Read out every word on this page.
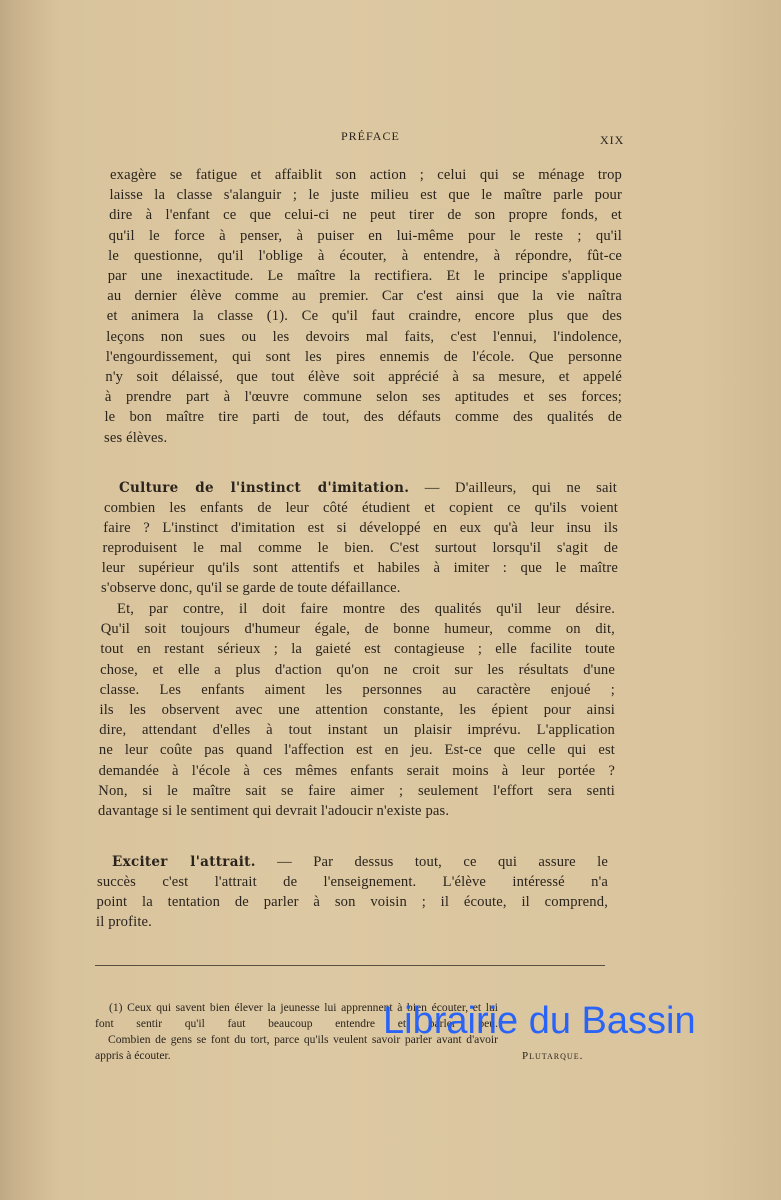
PRÉFACE	XIX
exagère se fatigue et affaiblit son action ; celui qui se ménage trop
laisse la classe s'alanguir ; le juste milieu est que le maître parle pour
dire à l'enfant ce que celui-ci ne peut tirer de son propre fonds, et
qu'il le force à penser, à puiser en lui-même pour le reste ; qu'il
le questionne, qu'il l'oblige à écouter, à entendre, à répondre, fût-ce
par une inexactitude. Le maître la rectifiera. Et le principe s'applique
au dernier élève comme au premier. Car c'est ainsi que la vie naîtra
et animera la classe (1). Ce qu'il faut craindre, encore plus que des
leçons non sues ou les devoirs mal faits, c'est l'ennui, l'indolence,
l'engourdissement, qui sont les pires ennemis de l'école. Que personne
n'y soit délaissé, que tout élève soit apprécié à sa mesure, et appelé
à prendre part à l'œuvre commune selon ses aptitudes et ses forces;
le bon maître tire parti de tout, des défauts comme des qualités de
ses élèves.
Culture de l'instinct d'imitation. — D'ailleurs, qui ne sait
combien les enfants de leur côté étudient et copient ce qu'ils voient
faire ? L'instinct d'imitation est si développé en eux qu'à leur insu ils
reproduisent le mal comme le bien. C'est surtout lorsqu'il s'agit de
leur supérieur qu'ils sont attentifs et habiles à imiter : que le maître
s'observe donc, qu'il se garde de toute défaillance.
Et, par contre, il doit faire montre des qualités qu'il leur désire.
Qu'il soit toujours d'humeur égale, de bonne humeur, comme on dit,
tout en restant sérieux ; la gaieté est contagieuse ; elle facilite toute
chose, et elle a plus d'action qu'on ne croit sur les résultats d'une
classe. Les enfants aiment les personnes au caractère enjoué ;
ils les observent avec une attention constante, les épient pour ainsi
dire, attendant d'elles à tout instant un plaisir imprévu. L'application
ne leur coûte pas quand l'affection est en jeu. Est-ce que celle qui est
demandée à l'école à ces mêmes enfants serait moins à leur portée ?
Non, si le maître sait se faire aimer ; seulement l'effort sera senti
davantage si le sentiment qui devrait l'adoucir n'existe pas.
Exciter l'attrait. — Par dessus tout, ce qui assure le
succès c'est l'attrait de l'enseignement. L'élève intéressé n'a
point la tentation de parler à son voisin ; il écoute, il comprend,
il profite.
(1) Ceux qui savent bien élever la jeunesse lui apprennent à bien écouter, et lui
font sentir qu'il faut beaucoup entendre et parler peu.
Combien de gens se font du tort, parce qu'ils veulent savoir parler avant d'avoir
appris à écouter.	Plutarque.
Librairie du Bassin
